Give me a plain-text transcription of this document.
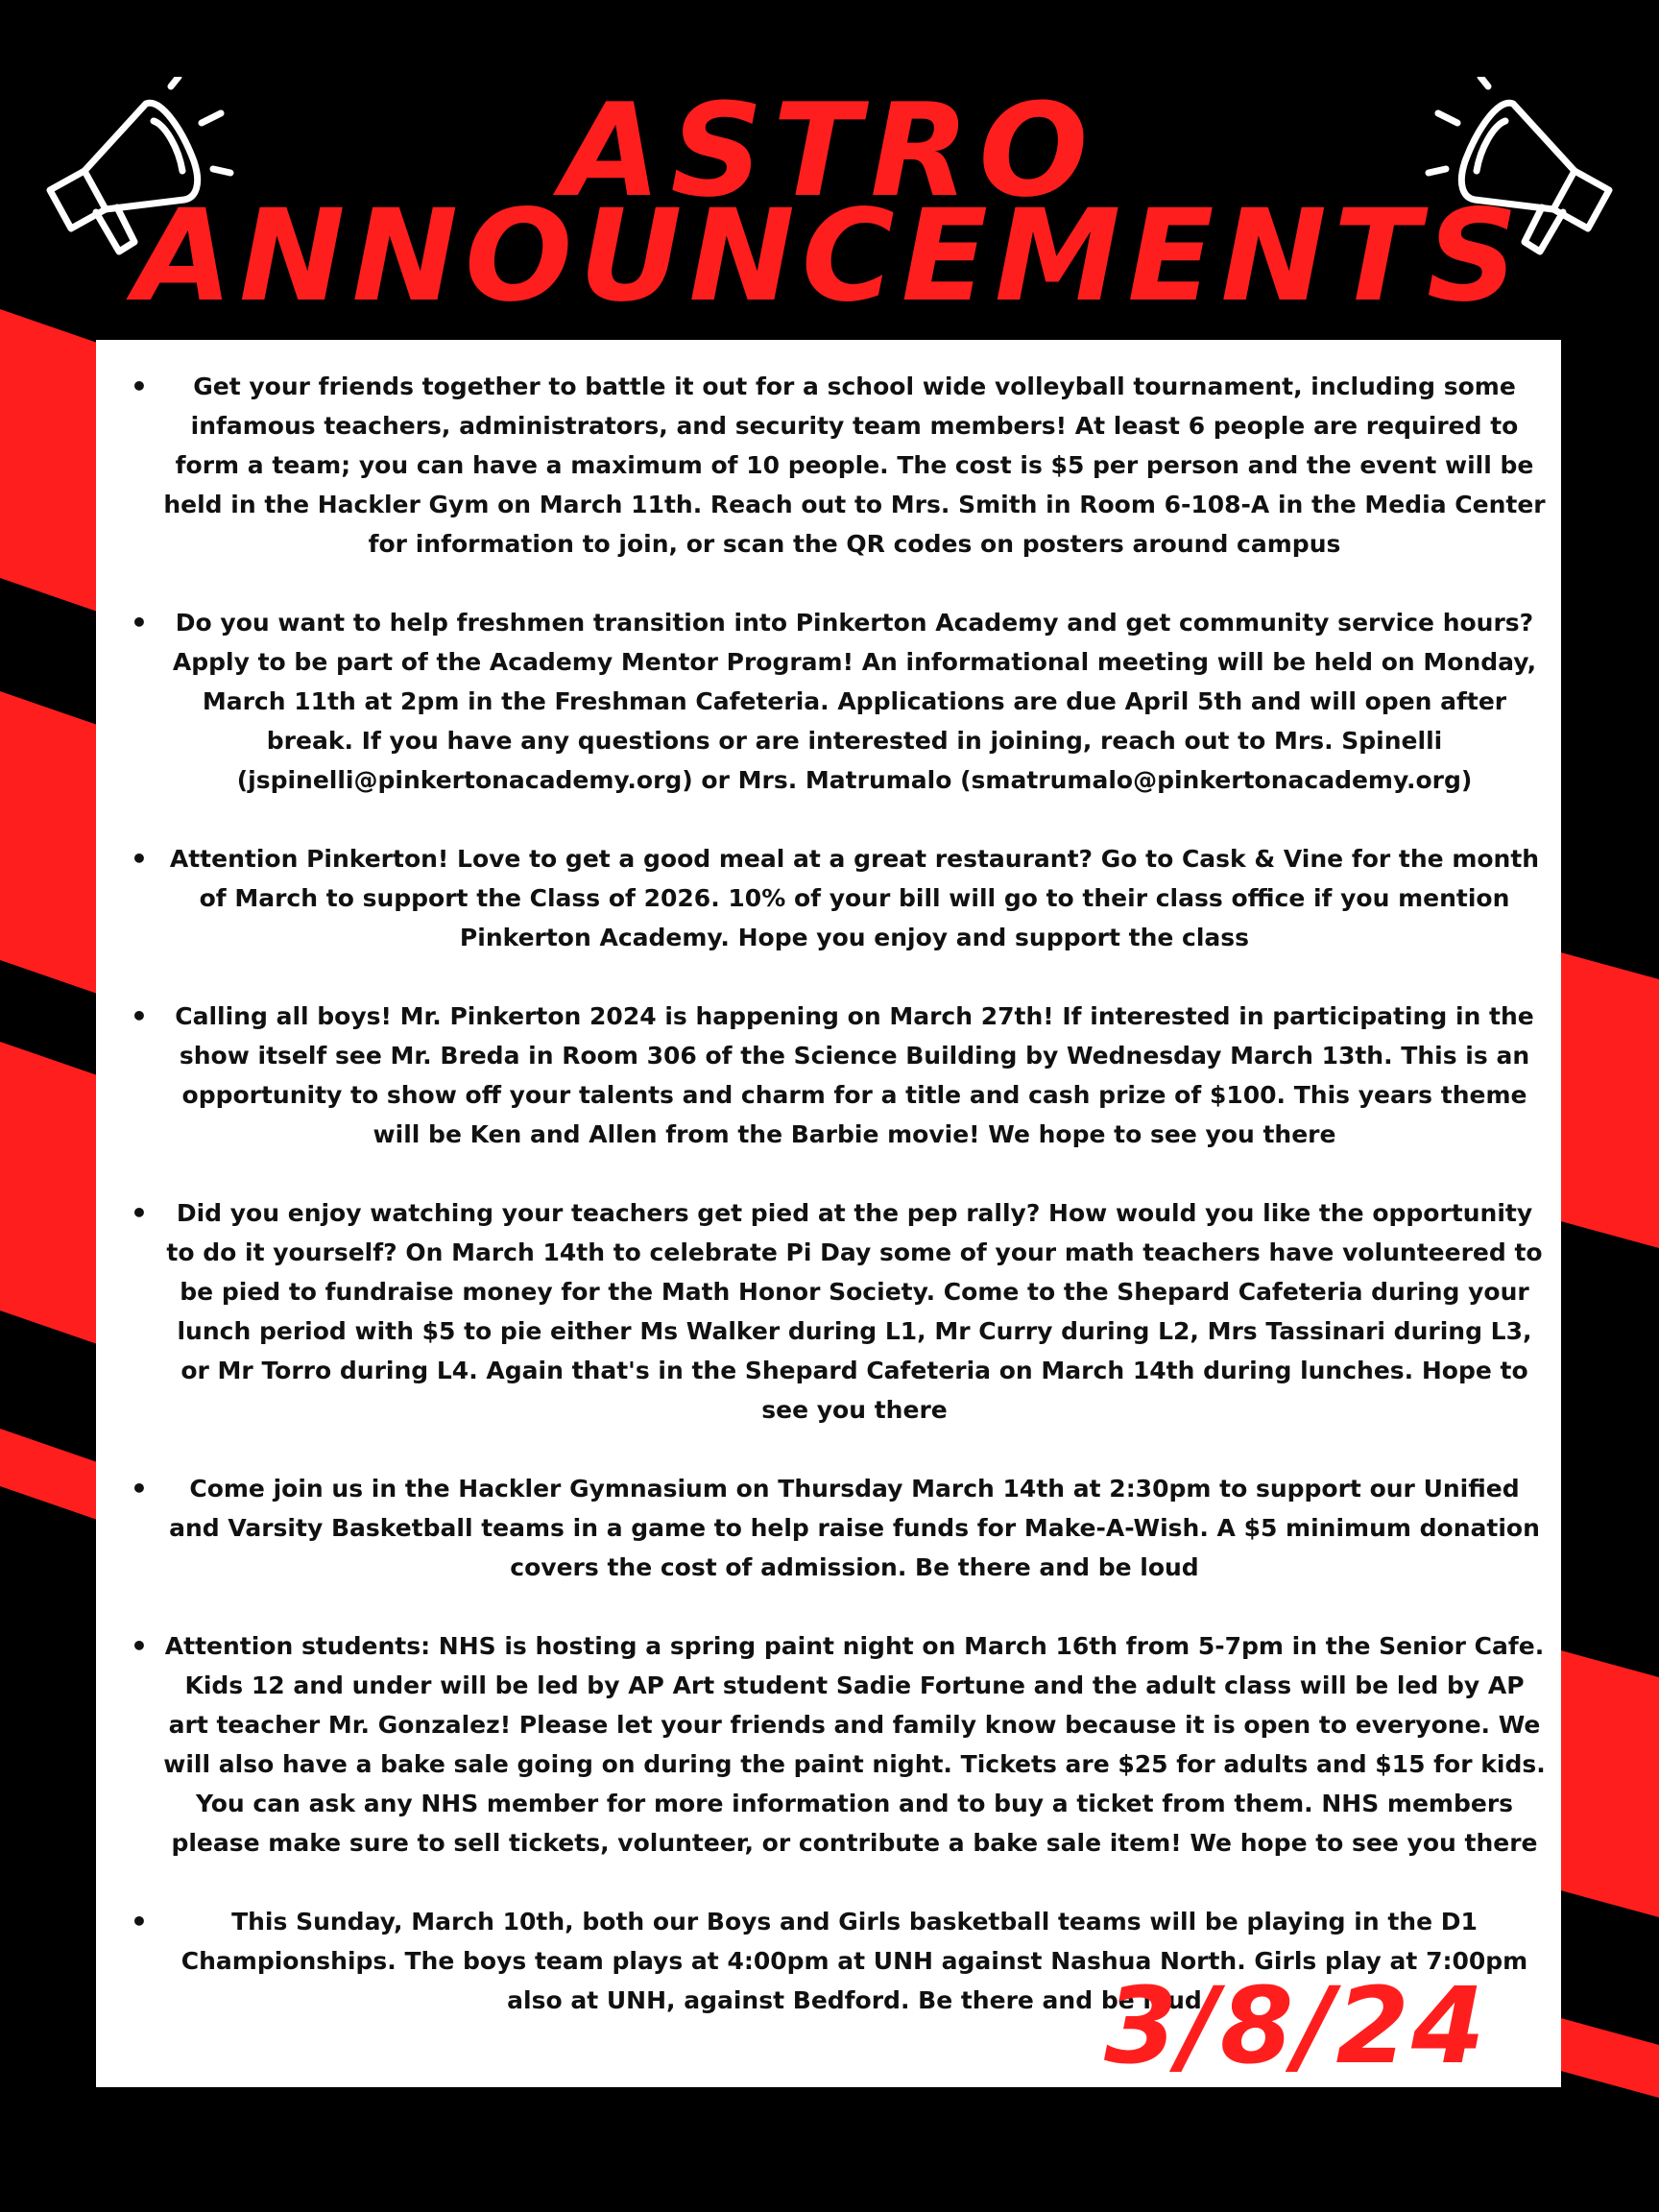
ASTRO
ANNOUNCEMENTS
•	Get your friends together to battle it out for a school wide volleyball tournament, including some infamous teachers, administrators, and security team members! At least 6 people are required to form a team; you can have a maximum of 10 people. The cost is $5 per person and the event will be held in the Hackler Gym on March 11th. Reach out to Mrs. Smith in Room 6-108-A in the Media Center for information to join, or scan the QR codes on posters around campus
•	Do you want to help freshmen transition into Pinkerton Academy and get community service hours? Apply to be part of the Academy Mentor Program! An informational meeting will be held on Monday, March 11th at 2pm in the Freshman Cafeteria. Applications are due April 5th and will open after break. If you have any questions or are interested in joining, reach out to Mrs. Spinelli (jspinelli@pinkertonacademy.org) or Mrs. Matrumalo (smatrumalo@pinkertonacademy.org)
• Attention Pinkerton! Love to get a good meal at a great restaurant? Go to Cask & Vine for the month of March to support the Class of 2026. 10% of your bill will go to their class office if you mention Pinkerton Academy. Hope you enjoy and support the class
•	Calling all boys! Mr. Pinkerton 2024 is happening on March 27th! If interested in participating in the show itself see Mr. Breda in Room 306 of the Science Building by Wednesday March 13th. This is an opportunity to show off your talents and charm for a title and cash prize of $100. This years theme will be Ken and Allen from the Barbie movie! We hope to see you there
•	Did you enjoy watching your teachers get pied at the pep rally? How would you like the opportunity to do it yourself? On March 14th to celebrate Pi Day some of your math teachers have volunteered to be pied to fundraise money for the Math Honor Society. Come to the Shepard Cafeteria during your lunch period with $5 to pie either Ms Walker during L1, Mr Curry during L2, Mrs Tassinari during L3, or Mr Torro during L4. Again that's in the Shepard Cafeteria on March 14th during lunches. Hope to see you there
•	Come join us in the Hackler Gymnasium on Thursday March 14th at 2:30pm to support our Unified and Varsity Basketball teams in a game to help raise funds for Make-A-Wish. A $5 minimum donation covers the cost of admission. Be there and be loud
• Attention students: NHS is hosting a spring paint night on March 16th from 5-7pm in the Senior Cafe. Kids 12 and under will be led by AP Art student Sadie Fortune and the adult class will be led by AP art teacher Mr. Gonzalez! Please let your friends and family know because it is open to everyone. We will also have a bake sale going on during the paint night. Tickets are $25 for adults and $15 for kids. You can ask any NHS member for more information and to buy a ticket from them. NHS members please make sure to sell tickets, volunteer, or contribute a bake sale item! We hope to see you there
•	This Sunday, March 10th, both our Boys and Girls basketball teams will be playing in the D1 Championships. The boys team plays at 4:00pm at UNH against Nashua North. Girls play at 7:00pm also at UNH, against Bedford. Be there and be loud
3/8/24
